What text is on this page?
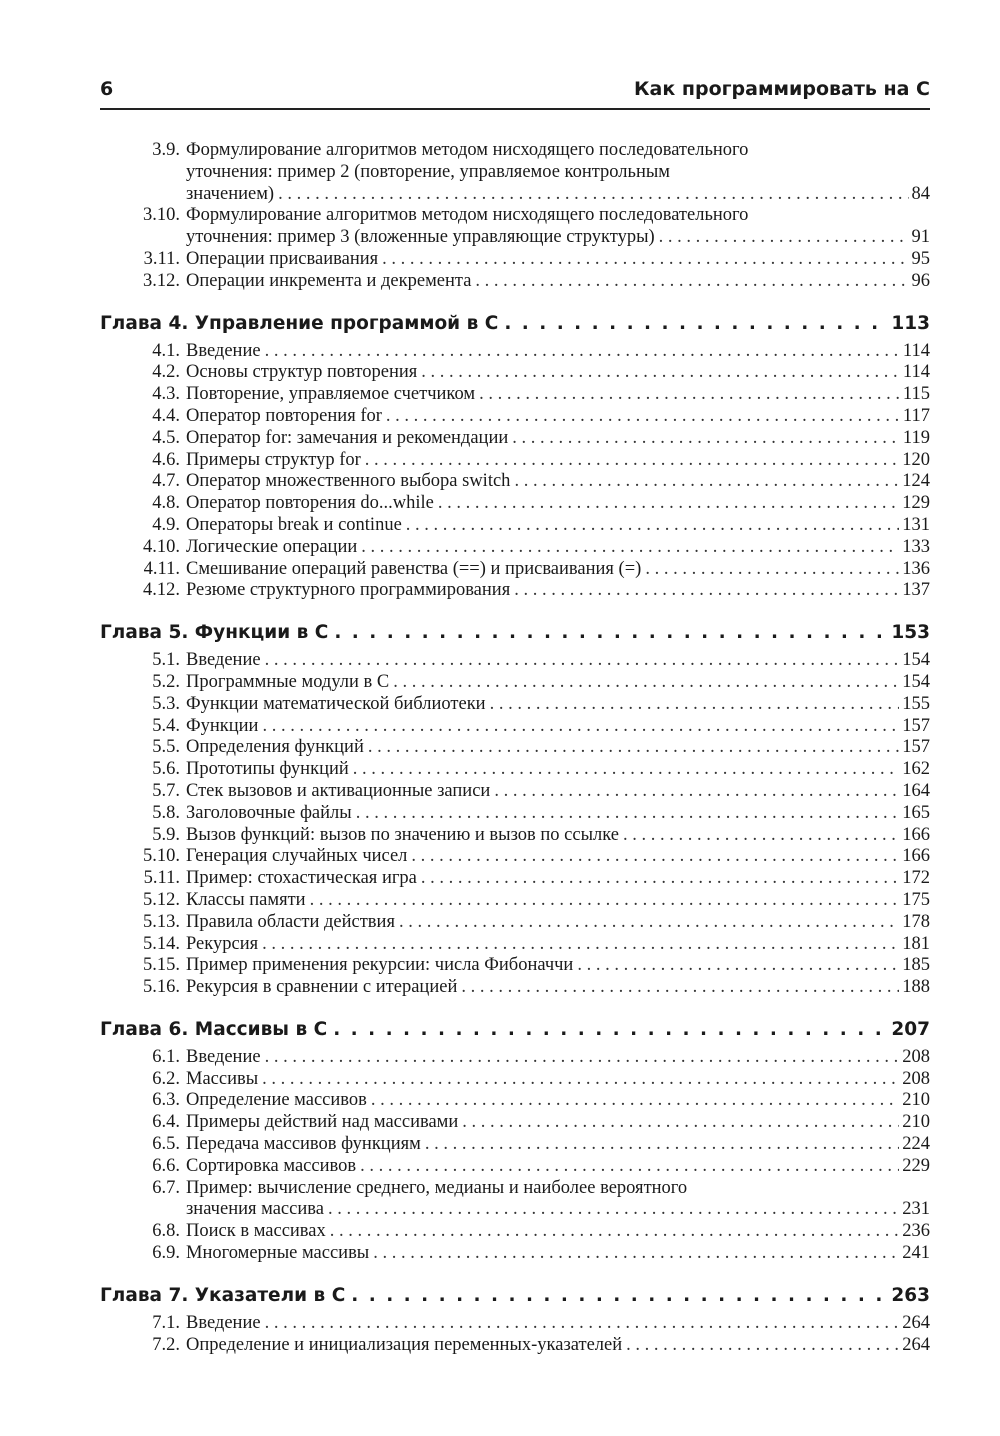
6	Как программировать на С
3.9. Формулирование алгоритмов методом нисходящего последовательного
уточнения: пример 2 (повторение, управляемое контрольным
значением) . . .	84
3.10. Формулирование алгоритмов методом нисходящего последовательного
уточнения: пример 3 (вложенные управляющие структуры) . . .	91
3.11. Операции присваивания . . .	95
3.12. Операции инкремента и декремента . . .	96
Глава 4. Управление программой в С . . .	113
4.1. Введение . . .	114
4.2. Основы структур повторения . . .	114
4.3. Повторение, управляемое счетчиком . . .	115
4.4. Оператор повторения for . . .	117
4.5. Оператор for: замечания и рекомендации . . .	119
4.6. Примеры структур for . . .	120
4.7. Оператор множественного выбора switch . . .	124
4.8. Оператор повторения do...while . . .	129
4.9. Операторы break и continue . . .	131
4.10. Логические операции . . .	133
4.11. Смешивание операций равенства (==) и присваивания (=) . . .	136
4.12. Резюме структурного программирования . . .	137
Глава 5. Функции в С . . .	153
5.1. Введение . . .	154
5.2. Программные модули в С . . .	154
5.3. Функции математической библиотеки . . .	155
5.4. Функции . . .	157
5.5. Определения функций . . .	157
5.6. Прототипы функций . . .	162
5.7. Стек вызовов и активационные записи . . .	164
5.8. Заголовочные файлы . . .	165
5.9. Вызов функций: вызов по значению и вызов по ссылке . . .	166
5.10. Генерация случайных чисел . . .	166
5.11. Пример: стохастическая игра . . .	172
5.12. Классы памяти . . .	175
5.13. Правила области действия . . .	178
5.14. Рекурсия . . .	181
5.15. Пример применения рекурсии: числа Фибоначчи . . .	185
5.16. Рекурсия в сравнении с итерацией . . .	188
Глава 6. Массивы в С . . .	207
6.1. Введение . . .	208
6.2. Массивы . . .	208
6.3. Определение массивов . . .	210
6.4. Примеры действий над массивами . . .	210
6.5. Передача массивов функциям . . .	224
6.6. Сортировка массивов . . .	229
6.7. Пример: вычисление среднего, медианы и наиболее вероятного
значения массива . . .	231
6.8. Поиск в массивах . . .	236
6.9. Многомерные массивы . . .	241
Глава 7. Указатели в С . . .	263
7.1. Введение . . .	264
7.2. Определение и инициализация переменных-указателей . . .	264
